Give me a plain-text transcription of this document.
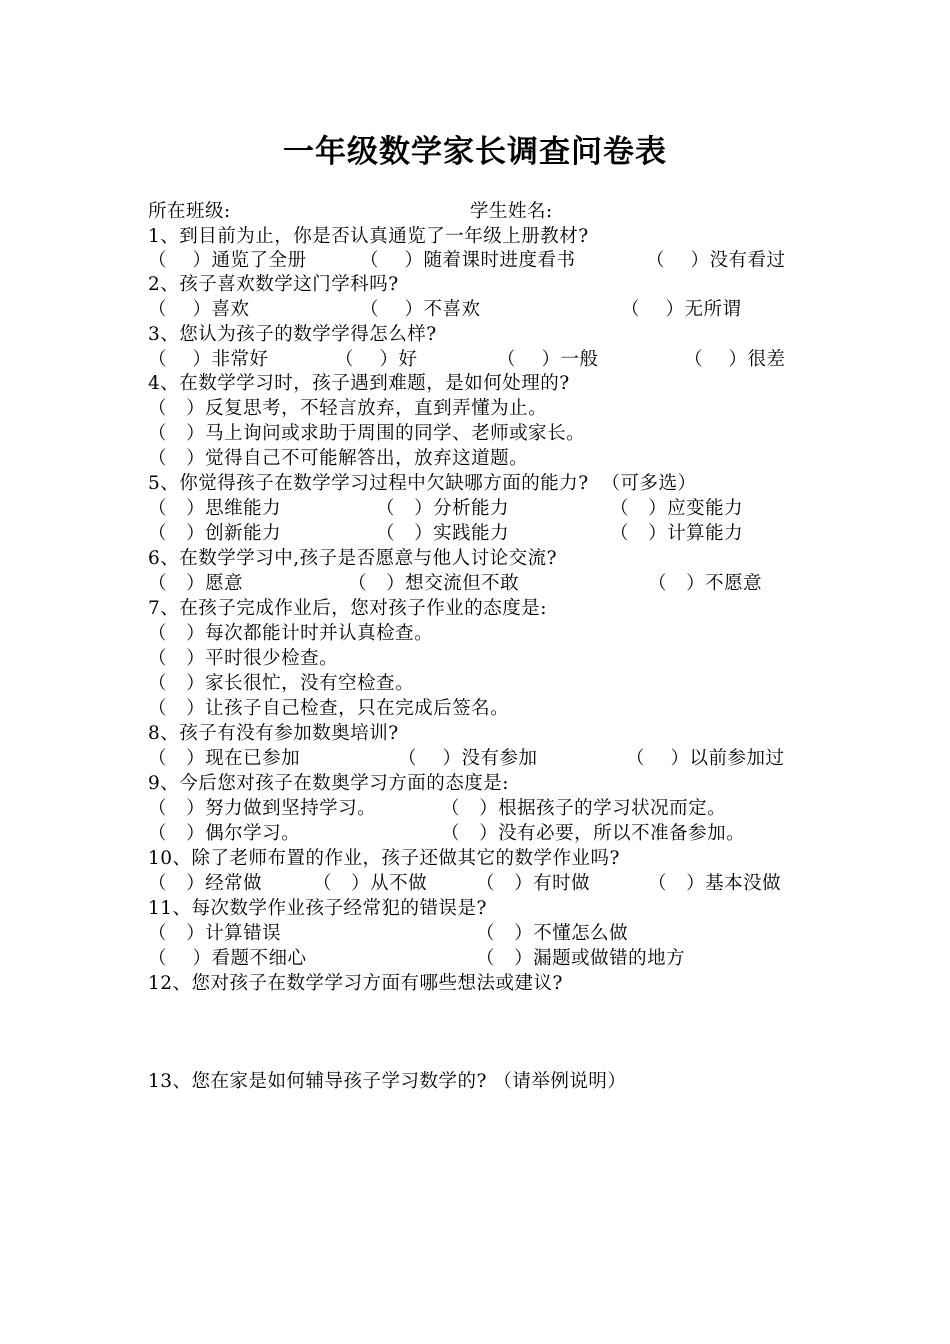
一年级数学家长调查问卷表

所在班级:

	学生姓名:

1、到目前为止，你是否认真通览了一年级上册教材?

（    ）通览了全册

	（    ）随着课时进度看书

	（    ）没有看过

2、孩子喜欢数学这门学科吗?

（    ）喜欢

	（    ）不喜欢

	（    ）无所谓

3、您认为孩子的数学学得怎么样?

（    ）非常好

	（    ）好

	（    ）一般

	（    ）很差

4、在数学学习时，孩子遇到难题，是如何处理的?
（   ）反复思考，不轻言放弃，直到弄懂为止。
（   ）马上询问或求助于周围的同学、老师或家长。
（   ）觉得自己不可能解答出，放弃这道题。
5、你觉得孩子在数学学习过程中欠缺哪方面的能力?  （可多选）

（   ）思维能力

	（   ）分析能力

	（   ）应变能力

（   ）创新能力

	（   ）实践能力

	（   ）计算能力

6、在数学学习中,孩子是否愿意与他人讨论交流?

（   ）愿意

	（   ）想交流但不敢

	（   ）不愿意

7、在孩子完成作业后，您对孩子作业的态度是:
（   ）每次都能计时并认真检查。
（   ）平时很少检查。
（   ）家长很忙，没有空检查。
（   ）让孩子自己检查，只在完成后签名。
8、孩子有没有参加数奥培训?

（   ）现在已参加

	（    ）没有参加

	（    ）以前参加过

9、今后您对孩子在数奥学习方面的态度是:

（   ）努力做到坚持学习。

	（   ）根据孩子的学习状况而定。

（   ）偶尔学习。

	（   ）没有必要，所以不准备参加。

10、除了老师布置的作业，孩子还做其它的数学作业吗?

（   ）经常做

	（   ）从不做

	（   ）有时做

	（   ）基本没做

11、每次数学作业孩子经常犯的错误是?

（   ）计算错误

	（   ）不懂怎么做

（    ）看题不细心

	（   ）漏题或做错的地方

12、您对孩子在数学学习方面有哪些想法或建议?
13、您在家是如何辅导孩子学习数学的? （请举例说明）
